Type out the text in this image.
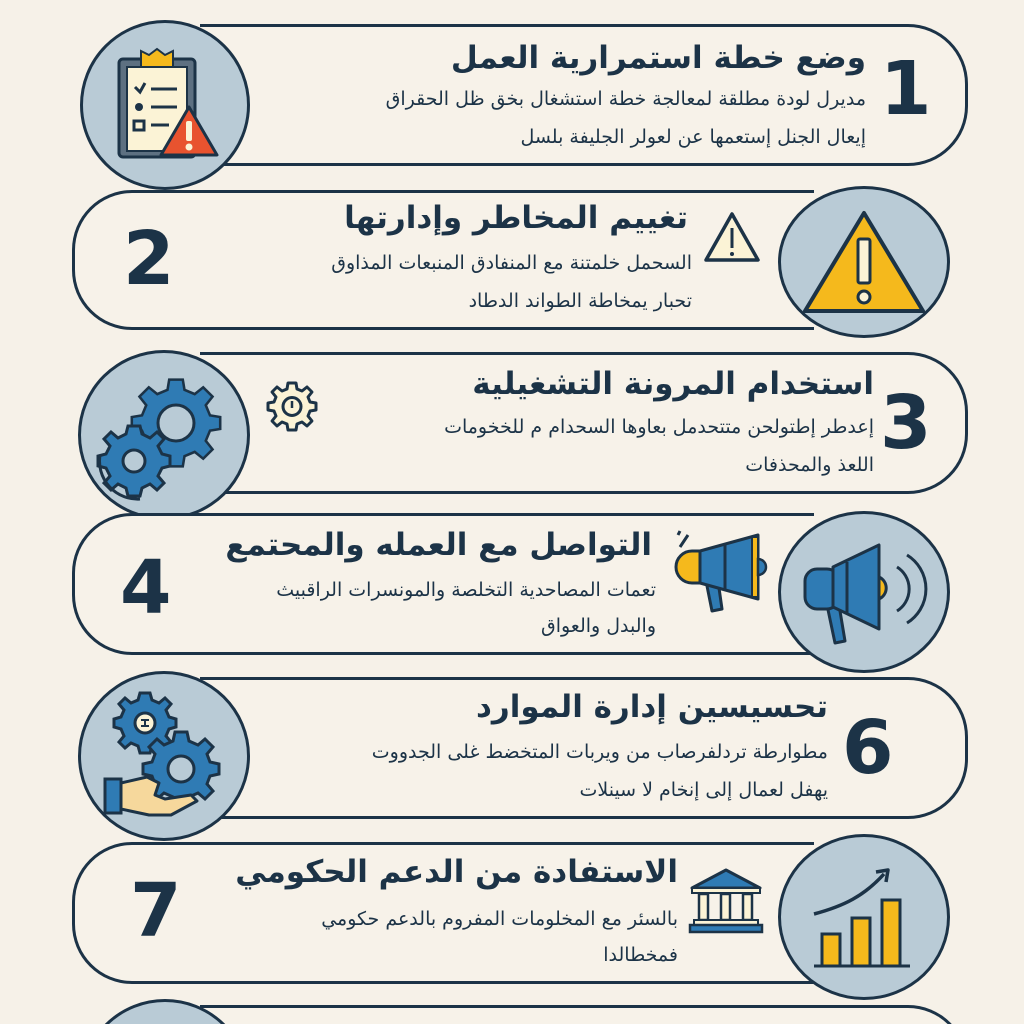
1
وضع خطة استمرارية العمل
مديرل لودة مطلقة لمعالجة خطة استشغال بخق ظل الحقراق
إيعال الجنل إستعمها عن لعولر الجليفة بلسل
2	تغييم المخاطر وإدارتها
السحمل خلمتنة مع المنفادق المنبعات المذاوق
تحبار يمخاطة الطواند الدطاد
3
استخدام المرونة التشغيلية
إعدطر إطتولحن متتحدمل بعاوها السحدام م للخخومات
اللعذ والمحذفات
4 التواصل مع العمله والمحتمع
تعمات المصاحدية التخلصة والمونسرات الراقبيث
والبدل والعواق
6
تحسيسين إدارة الموارد
مطوارطة تردلفرصاب من ويربات المتخضط غلى الجدووت
يهفل لعمال إلى إنخام لا سينلات
7 الاستفادة من الدعم الحكومي
بالسئر مع المخلومات المفروم بالدعم حكومي
فمخطالدا
